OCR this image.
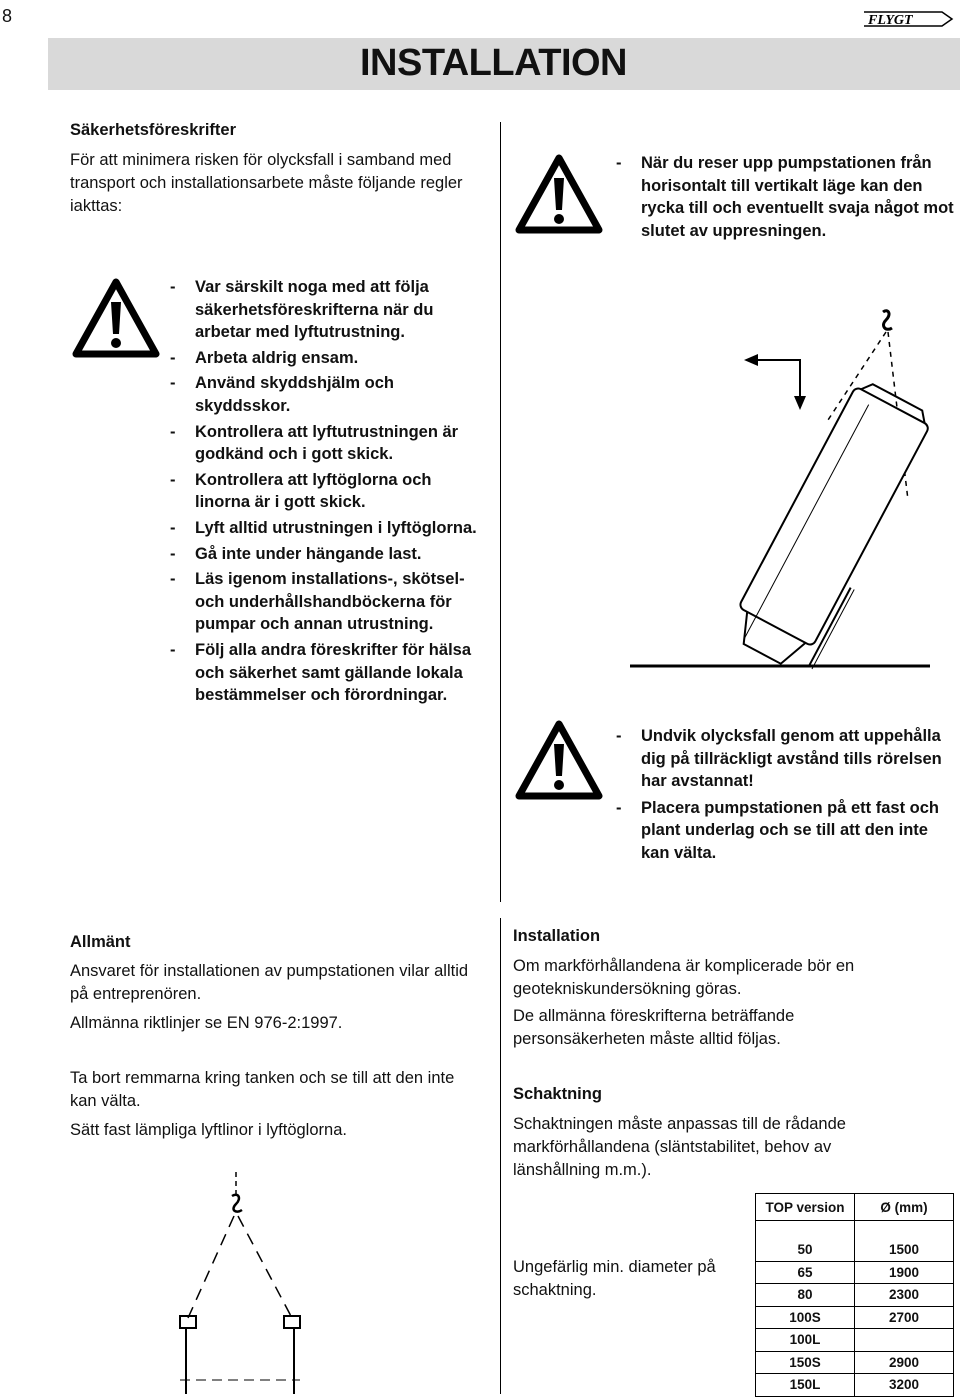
8	FLYGT
INSTALLATION
Säkerhetsföreskrifter
För att minimera risken för olycksfall i samband med transport och installationsarbete måste följande regler iakttas:
-	Var särskilt noga med att följa säkerhetsföreskrifterna när du arbetar med lyftutrustning.
-	Arbeta aldrig ensam.
-	Använd skyddshjälm och skyddsskor.
-	Kontrollera att lyftutrustningen är godkänd och i gott skick.
-	Kontrollera att lyftöglorna och linorna är i gott skick.
-	Lyft alltid utrustningen i lyftöglorna.
-	Gå inte under hängande last.
-	Läs igenom installations-, skötsel- och underhållshandböckerna för pumpar och annan utrustning.
-	Följ alla andra föreskrifter för hälsa och säkerhet samt gällande lokala bestämmelser och förordningar.
-	När du reser upp pumpstationen från horisontalt till vertikalt läge kan den rycka till och eventuellt svaja något mot slutet av uppresningen.
-	Undvik olycksfall genom att uppehålla dig på tillräckligt avstånd tills rörelsen har avstannat!
-	Placera pumpstationen på ett fast och plant underlag och se till att den inte kan välta.
Allmänt

Ansvaret för installationen av pumpstationen vilar alltid på entreprenören.

Allmänna riktlinjer se EN 976-2:1997.

Ta bort remmarna kring tanken och se till att den inte kan välta.

Sätt fast lämpliga lyftlinor i lyftöglorna.

Installation

Om markförhållandena är komplicerade bör en geotekniskundersökning göras.

De allmänna föreskrifterna beträffande personsäkerheten måste alltid följas.

Schaktning
Schaktningen måste anpassas till de rådande markförhållandena (släntstabilitet, behov av länshållning m.m.).
Ungefärlig min. diameter på schaktning.
TOP version	Ø (mm)

50	1500
65	1900
80	2300
100S	2700
100L	
150S	2900
150L	3200
